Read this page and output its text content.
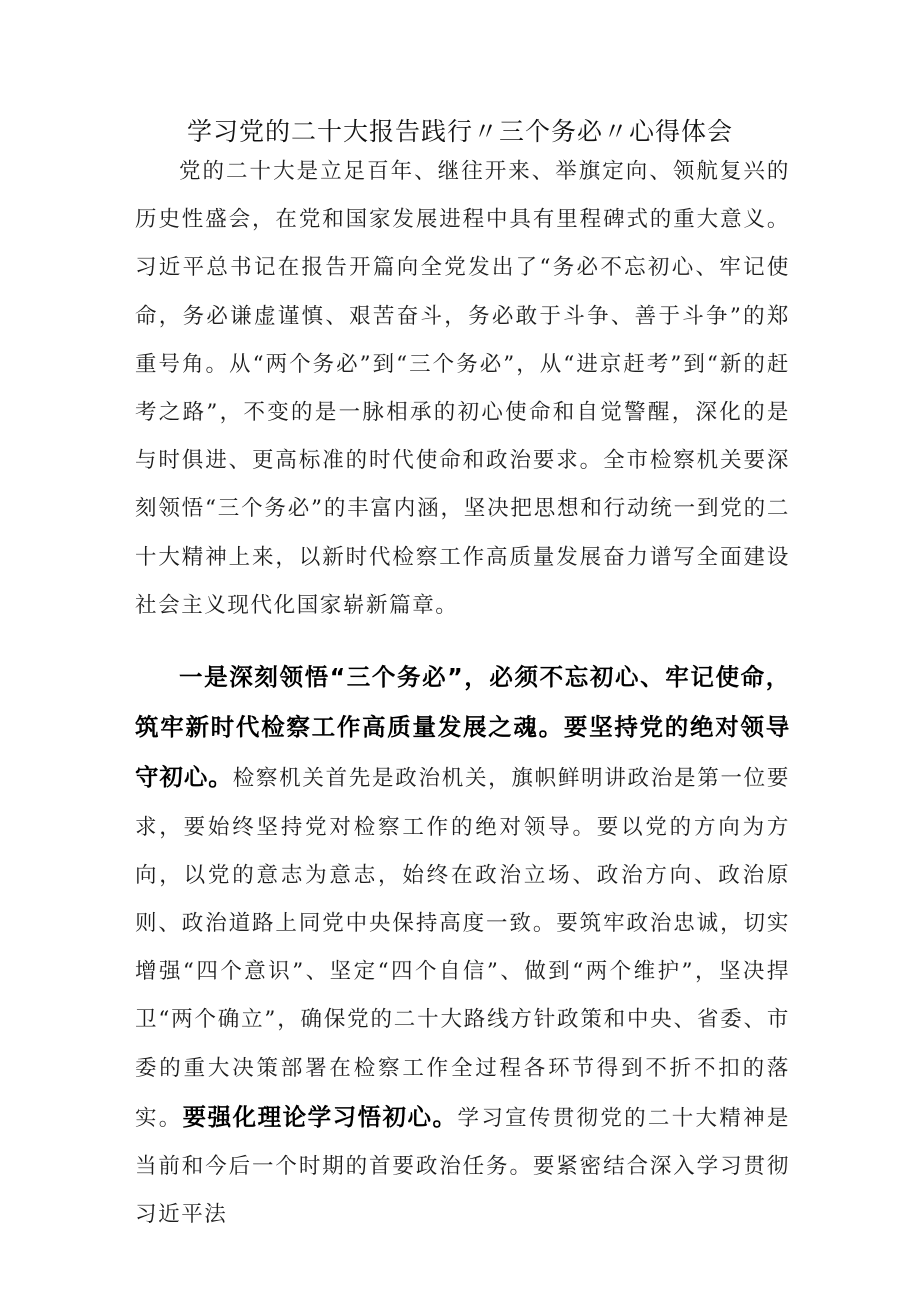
学习党的二十大报告践行〃三个务必〃心得体会

党的二十大是立足百年、继往开来、举旗定向、领航复兴的历史性盛会，在党和国家发展进程中具有里程碑式的重大意义。习近平总书记在报告开篇向全党发出了“务必不忘初心、牢记使命，务必谦虚谨慎、艰苦奋斗，务必敢于斗争、善于斗争”的郑重号角。从“两个务必”到“三个务必”，从“进京赶考”到“新的赶考之路”，不变的是一脉相承的初心使命和自觉警醒，深化的是与时俱进、更高标准的时代使命和政治要求。全市检察机关要深刻领悟“三个务必”的丰富内涵，坚决把思想和行动统一到党的二十大精神上来，以新时代检察工作高质量发展奋力谱写全面建设社会主义现代化国家崭新篇章。

一是深刻领悟“三个务必”，必须不忘初心、牢记使命，筑牢新时代检察工作高质量发展之魂。要坚持党的绝对领导守初心。检察机关首先是政治机关，旗帜鲜明讲政治是第一位要求，要始终坚持党对检察工作的绝对领导。要以党的方向为方向，以党的意志为意志，始终在政治立场、政治方向、政治原则、政治道路上同党中央保持高度一致。要筑牢政治忠诚，切实增强“四个意识”、坚定“四个自信”、做到“两个维护”，坚决捍卫“两个确立”，确保党的二十大路线方针政策和中央、省委、市委的重大决策部署在检察工作全过程各环节得到不折不扣的落实。要强化理论学习悟初心。学习宣传贯彻党的二十大精神是当前和今后一个时期的首要政治任务。要紧密结合深入学习贯彻习近平法
